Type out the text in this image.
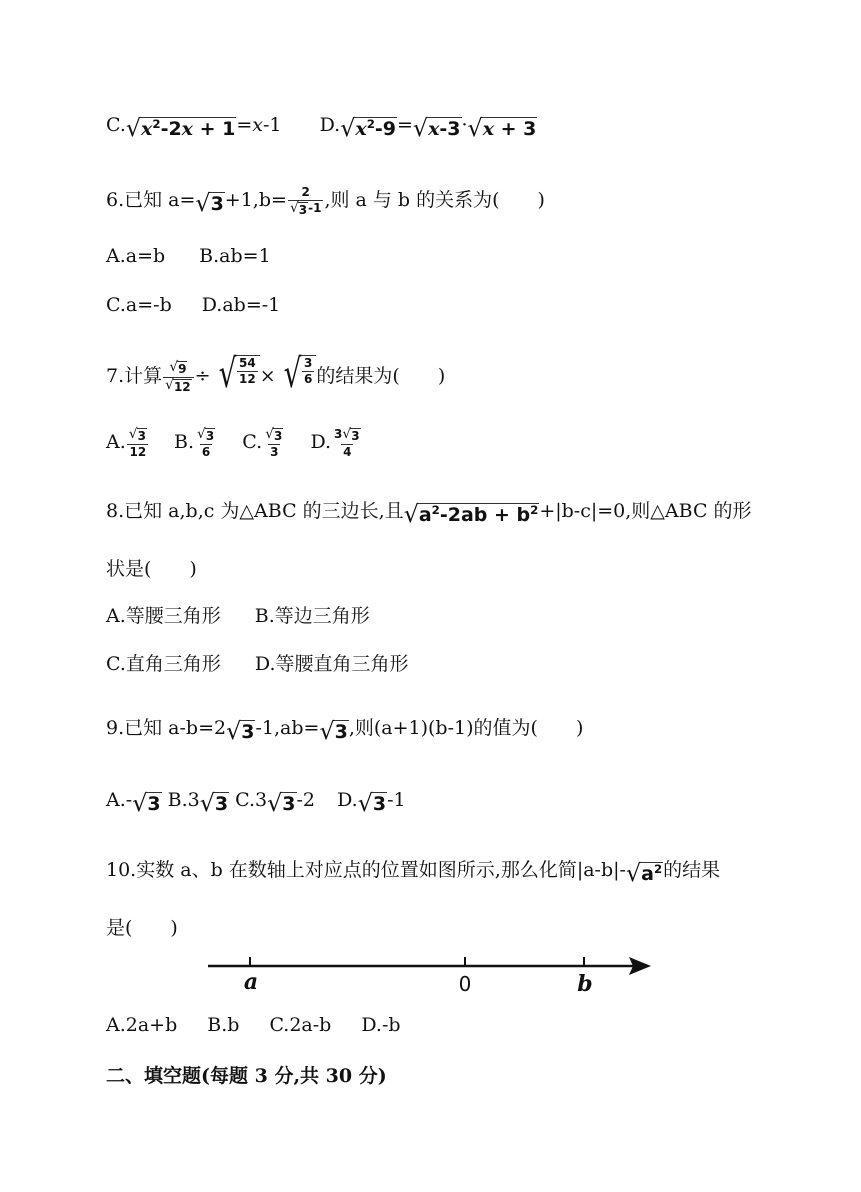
C. √ $x^2-2x + 1 =x-1$ D. √ $x^2-9$ = √ x-3 · √ x + 3
6.已知 a= √ $3 +1,b= \frac{2}{√ 3 -1}$ ,则 a 与 b 的关系为( )
A.a=b B.ab=1
C.a=-b D.ab=-1
7.计算 $\frac{√ 9}{√ 12}$ ÷ √ $\frac{54}{12}$ × √ $\frac{3}{6}$ 的结果为( )
A. $\frac{√ 3}{12} B$. $\frac{√ 3}{6} C$. $\frac{√ 3}{3} D$. $\frac{3 √ 3}{4}$
8.已知 a,b,c 为△ABC 的三边长,且 √ $a^2-2ab + b^2 +|b-c|=0$,则△ABC 的形
状是( )
A.等腰三角形 B.等边三角形
C.直角三角形 D.等腰直角三角形
9.已知 a-b=2 √ 3 -1,ab= √ 3 ,则(a+1)(b-1)的值为( )
A.- √ 3 B.3 √ 3 C.3 √ 3 -2 D. √ 3 -1
10.实数 a、b 在数轴上对应点的位置如图所示,那么化简|a-b|- √ $a^2$ 的结果
是( )
a	0	b
A.2a+b B.b C.2a-b D.-b
二、填空题(每题 3 分,共 30 分)
